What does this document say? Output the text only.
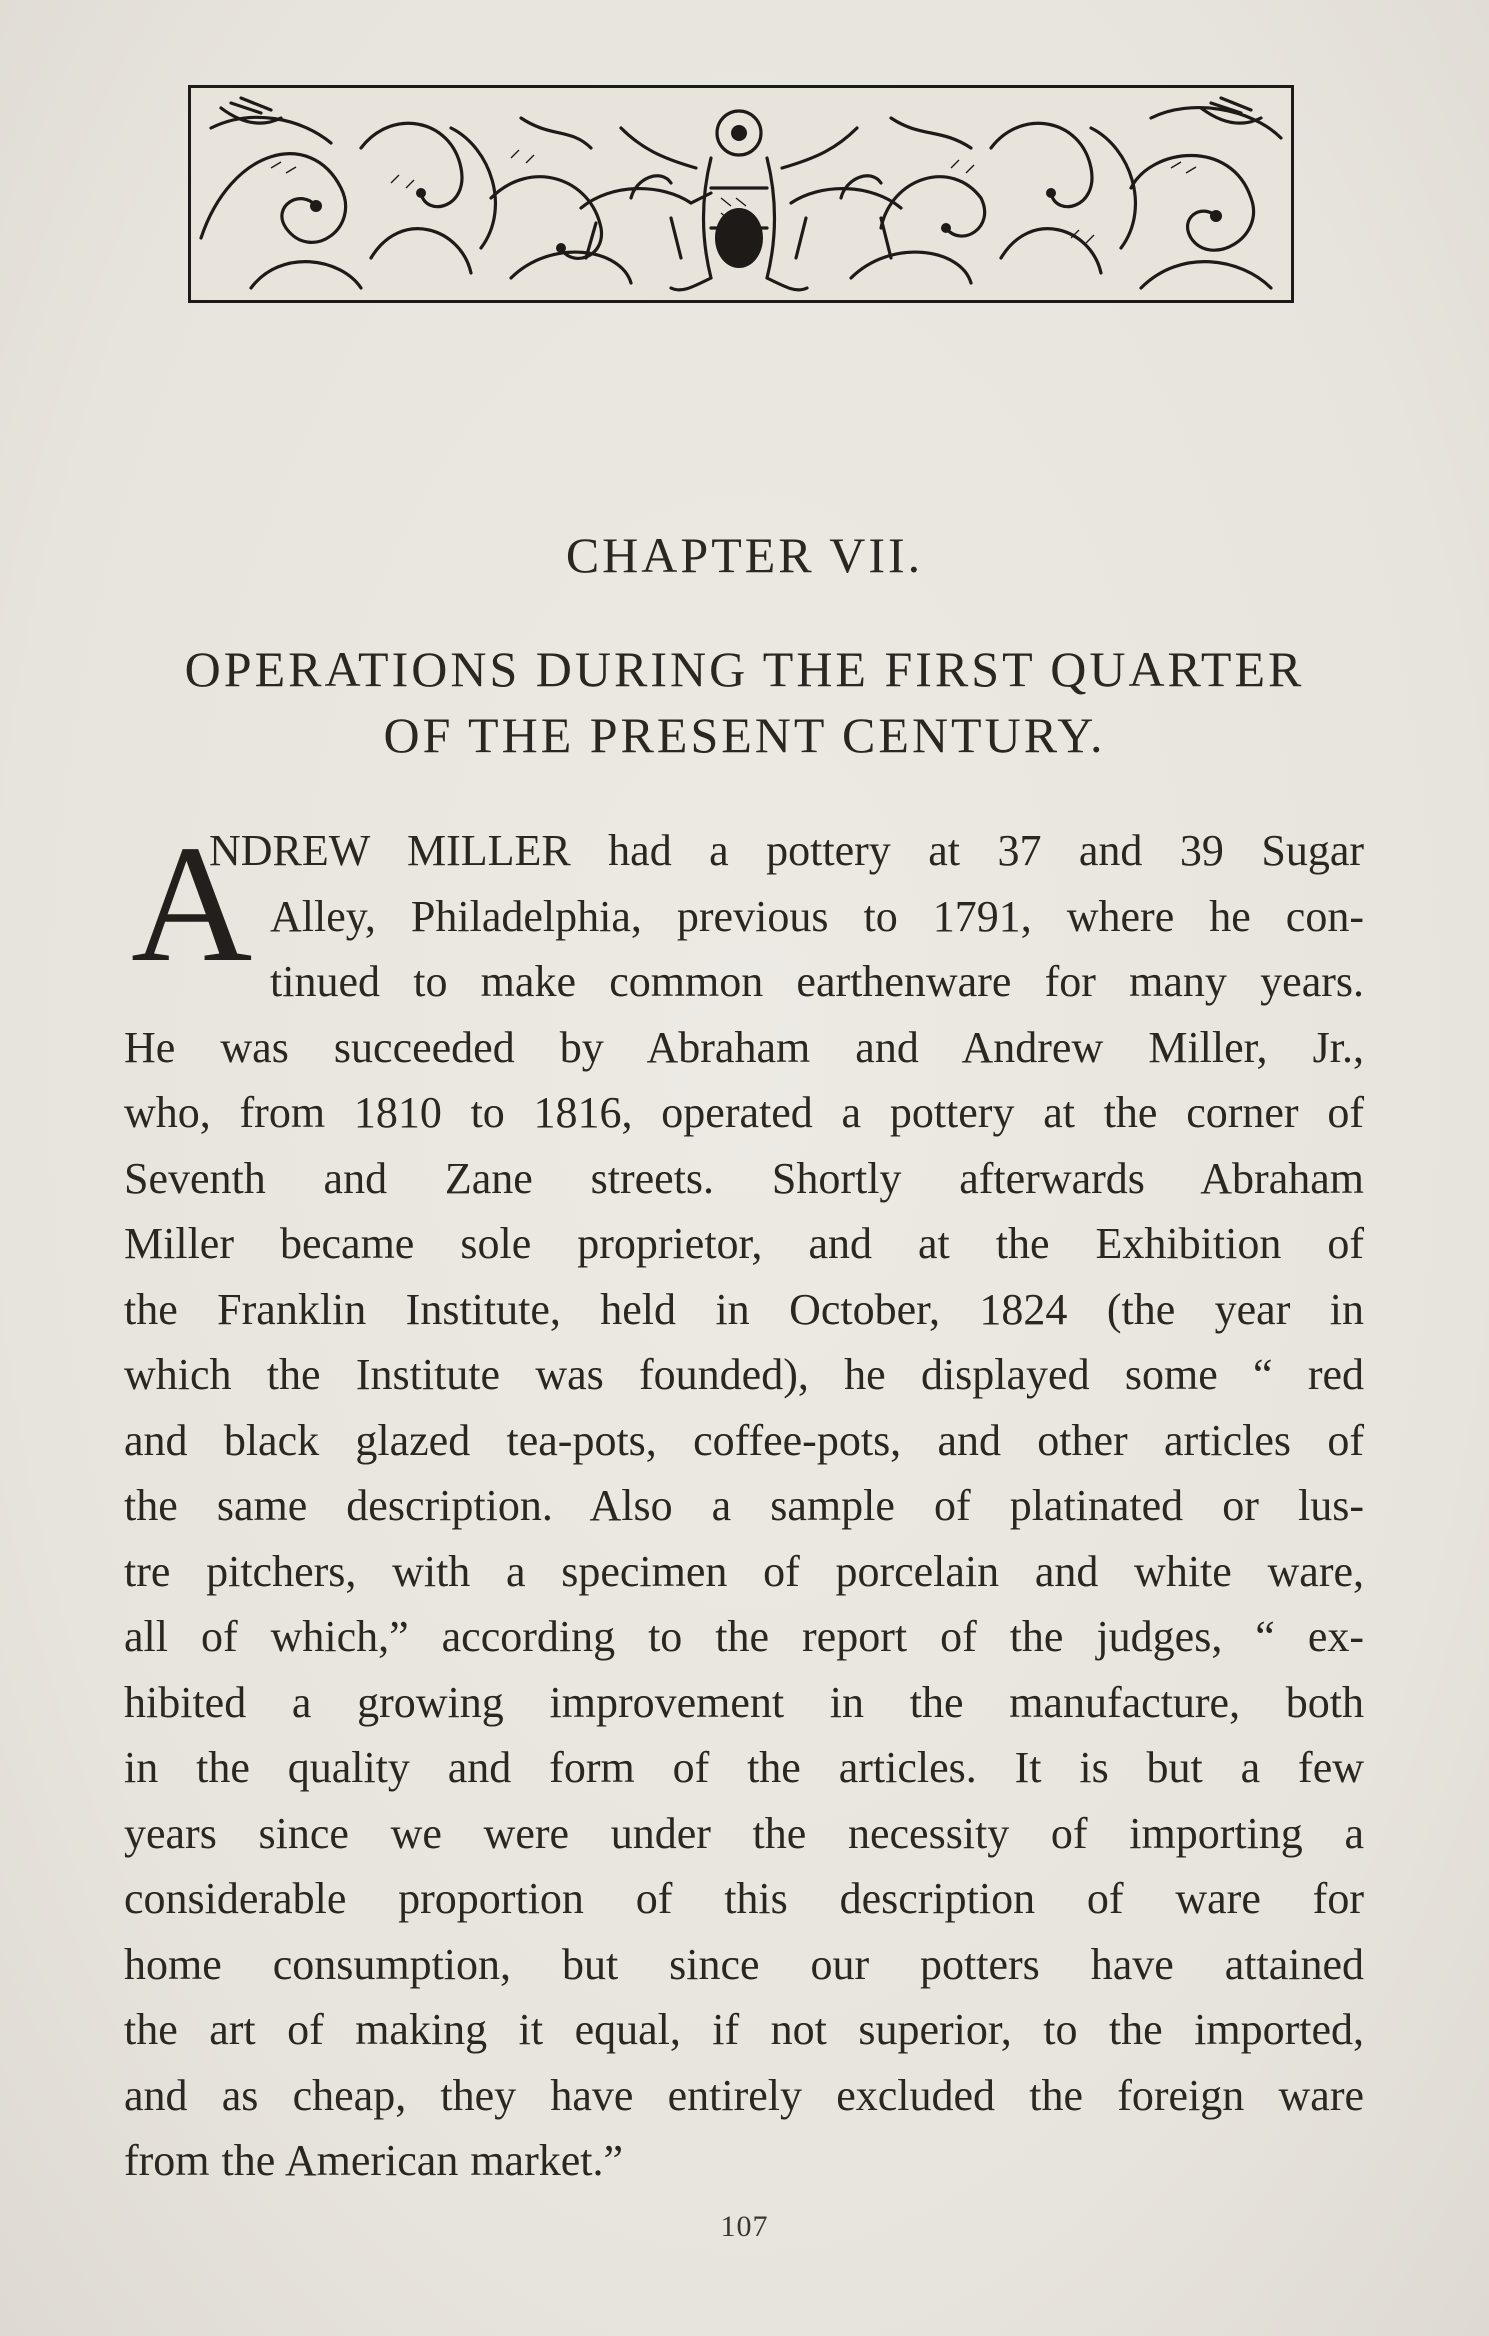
CHAPTER VII.
OPERATIONS DURING THE FIRST QUARTER
OF THE PRESENT CENTURY.
A
NDREW MILLER had a pottery at 37 and 39 Sugar
Alley, Philadelphia, previous to 1791, where he con-
tinued to make common earthenware for many years.
He was succeeded by Abraham and Andrew Miller, Jr.,
who, from 1810 to 1816, operated a pottery at the corner of
Seventh and Zane streets. Shortly afterwards Abraham
Miller became sole proprietor, and at the Exhibition of
the Franklin Institute, held in October, 1824 (the year in
which the Institute was founded), he displayed some “ red
and black glazed tea-pots, coffee-pots, and other articles of
the same description. Also a sample of platinated or lus-
tre pitchers, with a specimen of porcelain and white ware,
all of which,” according to the report of the judges, “ ex-
hibited a growing improvement in the manufacture, both
in the quality and form of the articles. It is but a few
years since we were under the necessity of importing a
considerable proportion of this description of ware for
home consumption, but since our potters have attained
the art of making it equal, if not superior, to the imported,
and as cheap, they have entirely excluded the foreign ware
from the American market.”
107
